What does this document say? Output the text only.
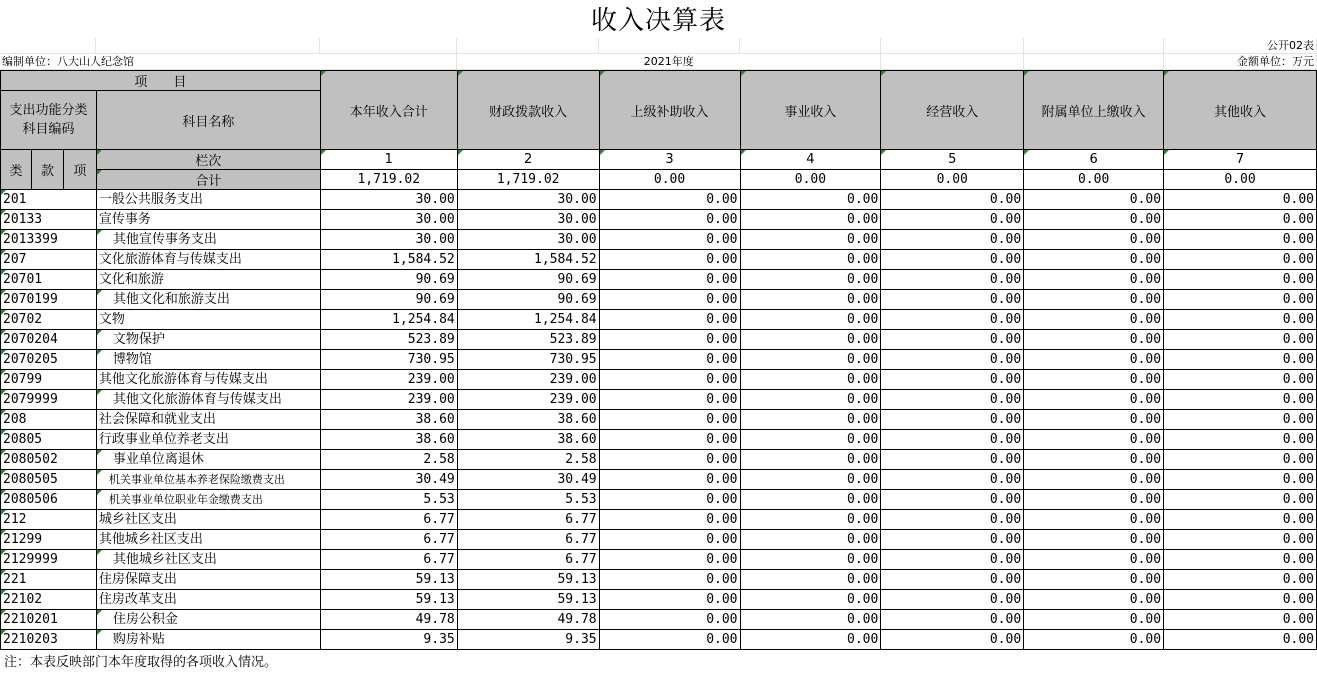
收入决算表
								公开02表
编制单位：八大山人纪念馆			2021年度					金额单位：万元
项　　目				本年收入合计	财政拨款收入	上级补助收入	事业收入	经营收入	附属单位上缴收入	其他收入
支出功能分类科目编码			科目名称							
类	款	项	栏次	1	2	3	4	5	6	7
			合计	1,719.02	1,719.02	0.00	0.00	0.00	0.00	0.00
201			一般公共服务支出	30.00	30.00	0.00	0.00	0.00	0.00	0.00
20133			宣传事务	30.00	30.00	0.00	0.00	0.00	0.00	0.00
2013399			其他宣传事务支出	30.00	30.00	0.00	0.00	0.00	0.00	0.00
207			文化旅游体育与传媒支出	1,584.52	1,584.52	0.00	0.00	0.00	0.00	0.00
20701			文化和旅游	90.69	90.69	0.00	0.00	0.00	0.00	0.00
2070199			其他文化和旅游支出	90.69	90.69	0.00	0.00	0.00	0.00	0.00
20702			文物	1,254.84	1,254.84	0.00	0.00	0.00	0.00	0.00
2070204			文物保护	523.89	523.89	0.00	0.00	0.00	0.00	0.00
2070205			博物馆	730.95	730.95	0.00	0.00	0.00	0.00	0.00
20799			其他文化旅游体育与传媒支出	239.00	239.00	0.00	0.00	0.00	0.00	0.00
2079999			其他文化旅游体育与传媒支出	239.00	239.00	0.00	0.00	0.00	0.00	0.00
208			社会保障和就业支出	38.60	38.60	0.00	0.00	0.00	0.00	0.00
20805			行政事业单位养老支出	38.60	38.60	0.00	0.00	0.00	0.00	0.00
2080502			事业单位离退休	2.58	2.58	0.00	0.00	0.00	0.00	0.00
2080505			机关事业单位基本养老保险缴费支出	30.49	30.49	0.00	0.00	0.00	0.00	0.00
2080506			机关事业单位职业年金缴费支出	5.53	5.53	0.00	0.00	0.00	0.00	0.00
212			城乡社区支出	6.77	6.77	0.00	0.00	0.00	0.00	0.00
21299			其他城乡社区支出	6.77	6.77	0.00	0.00	0.00	0.00	0.00
2129999			其他城乡社区支出	6.77	6.77	0.00	0.00	0.00	0.00	0.00
221			住房保障支出	59.13	59.13	0.00	0.00	0.00	0.00	0.00
22102			住房改革支出	59.13	59.13	0.00	0.00	0.00	0.00	0.00
2210201			住房公积金	49.78	49.78	0.00	0.00	0.00	0.00	0.00
2210203			购房补贴	9.35	9.35	0.00	0.00	0.00	0.00	0.00
注：本表反映部门本年度取得的各项收入情况。
